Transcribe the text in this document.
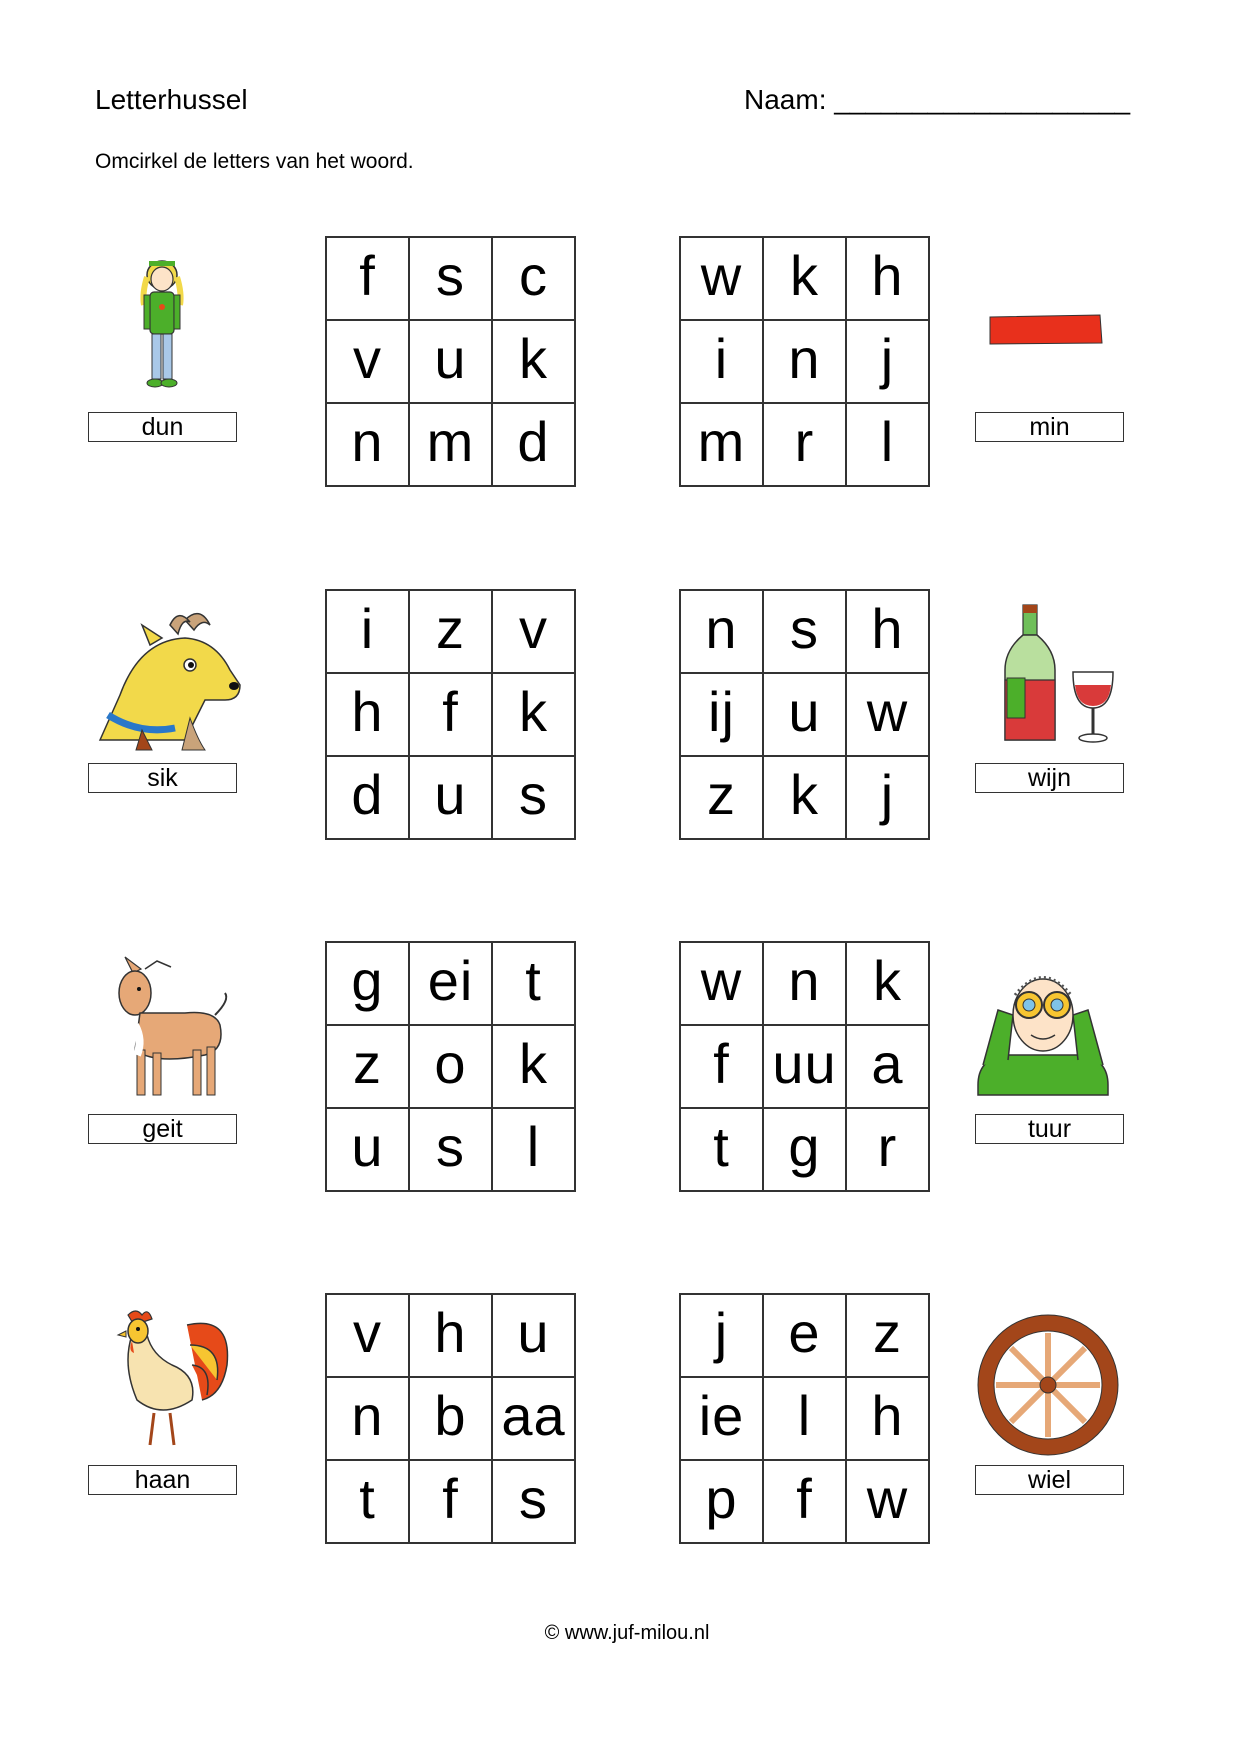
Letterhussel	Naam: ___________________
Omcirkel de letters van het woord.
dun
f	s c
v u k
n m d
w k h
i	n	j
m r	l	min
sik
i	z v
h	f	k
d u s
n s h
ij u w
z k	j	wijn
geit
g ei t
z o k
u s	l
w n k
f uu a
t	g	r	tuur
haan
v h u
n b aa
t	f	s
j	e z
ie l	h
p	f w	wiel
© www.juf-milou.nl
